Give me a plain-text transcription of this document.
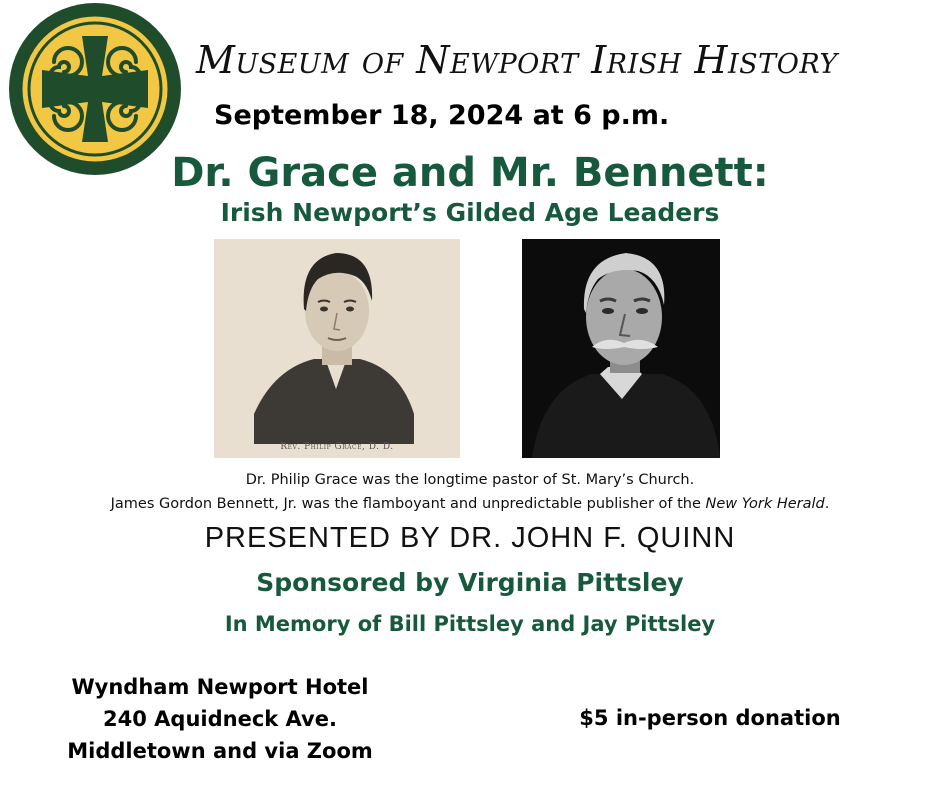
Museum of Newport Irish History
September 18, 2024 at 6 p.m.
Dr. Grace and Mr. Bennett:
Irish Newport’s Gilded Age Leaders
Rev. Philip Grace, D. D.
Dr. Philip Grace was the longtime pastor of St. Mary’s Church.
James Gordon Bennett, Jr. was the flamboyant and unpredictable publisher of the New York Herald.
PRESENTED BY DR. JOHN F. QUINN
Sponsored by Virginia Pittsley
In Memory of Bill Pittsley and Jay Pittsley
Wyndham Newport Hotel
240 Aquidneck Ave.
Middletown and via Zoom
$5 in-person donation
